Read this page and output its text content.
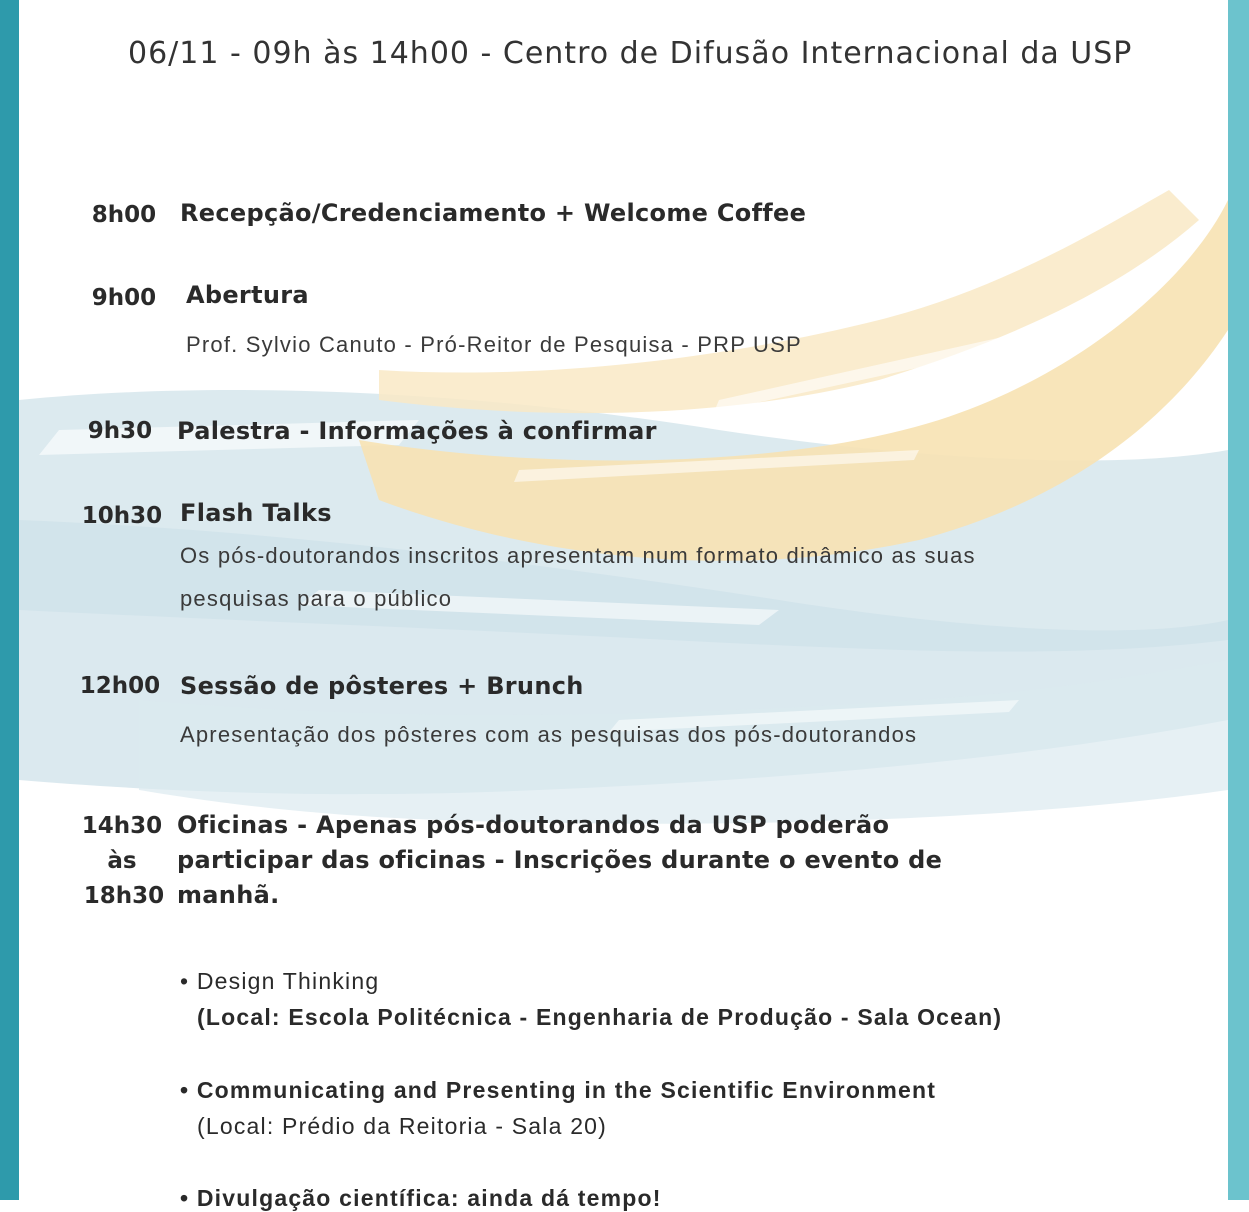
06/11 - 09h às 14h00 - Centro de Difusão Internacional da USP
8h00 Recepção/Credenciamento + Welcome Coffee
9h00	Abertura
Prof. Sylvio Canuto - Pró-Reitor de Pesquisa - PRP USP
9h30	Palestra - Informações à confirmar
10h30 Flash Talks
Os pós-doutorandos inscritos apresentam num formato dinâmico as suas
pesquisas para o público
12h00 Sessão de pôsteres + Brunch
Apresentação dos pôsteres com as pesquisas dos pós-doutorandos
14h30
às
18h30
Oficinas - Apenas pós-doutorandos da USP poderão
participar das oficinas - Inscrições durante o evento de
manhã.
• Design Thinking
(Local: Escola Politécnica - Engenharia de Produção - Sala Ocean)
• Communicating and Presenting in the Scientific Environment
(Local: Prédio da Reitoria - Sala 20)
• Divulgação científica: ainda dá tempo!
